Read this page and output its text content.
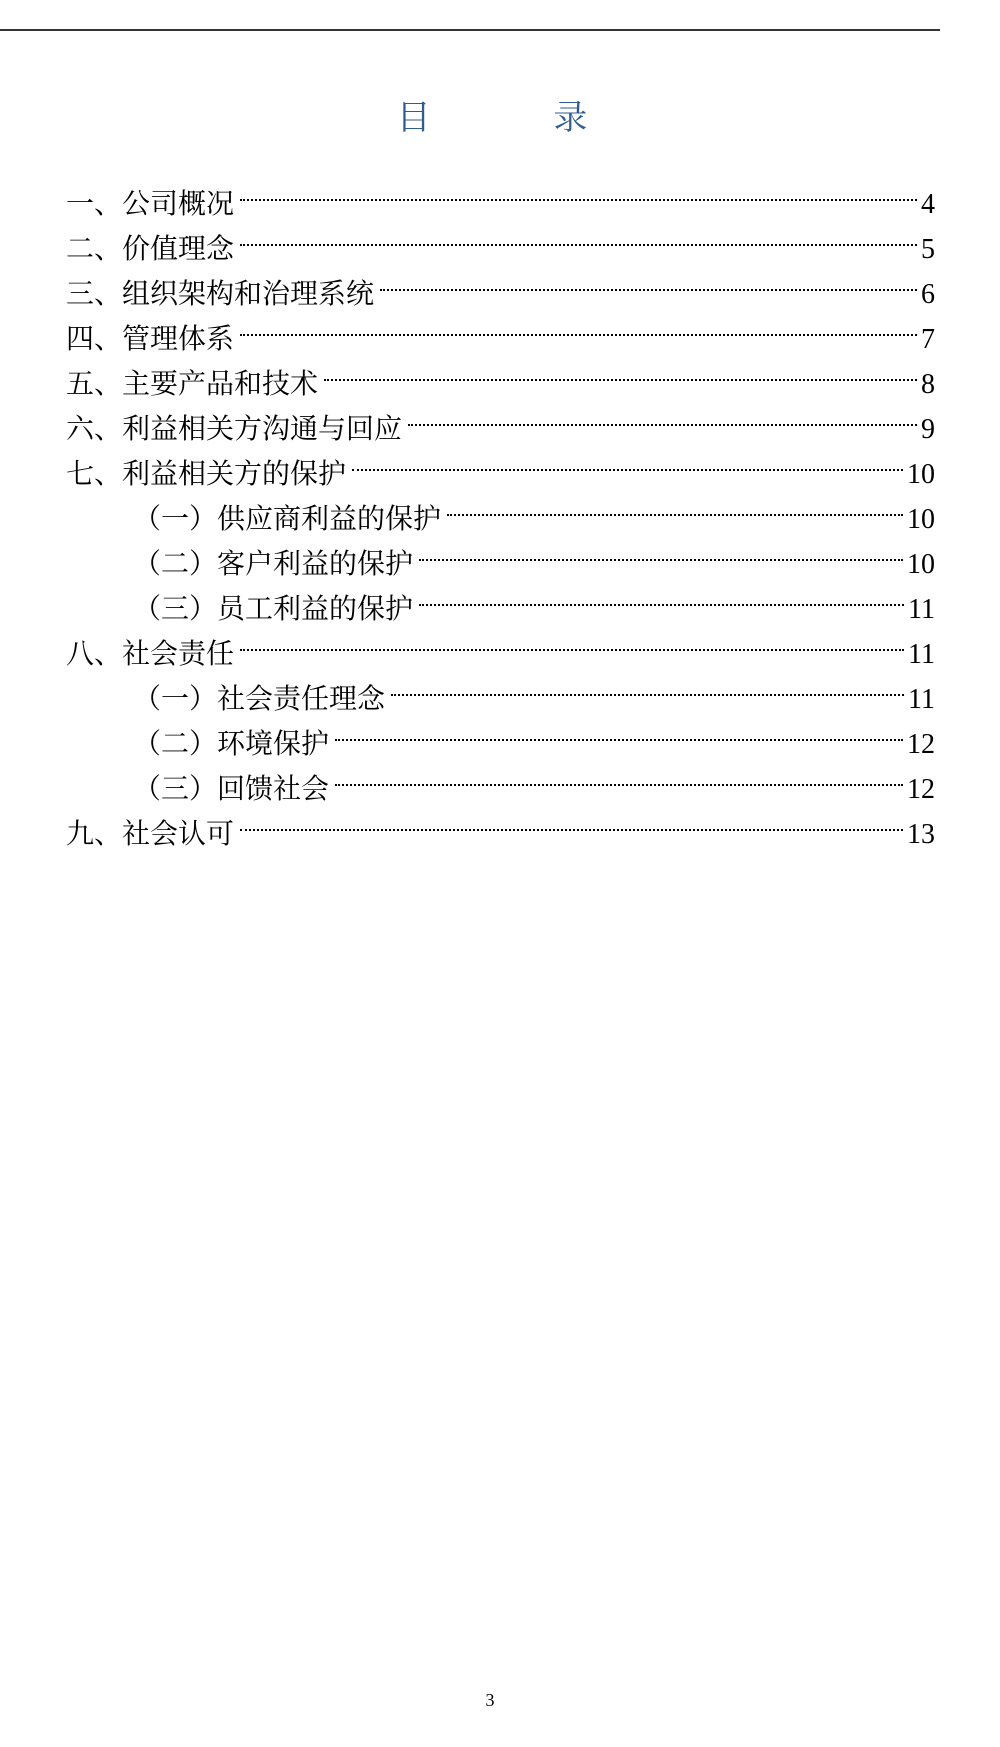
目 录
一、公司概况	4
二、价值理念	5
三、组织架构和治理系统	6
四、管理体系	7
五、主要产品和技术	8
六、利益相关方沟通与回应	9
七、利益相关方的保护	10
（一）供应商利益的保护	10
（二）客户利益的保护	10
（三）员工利益的保护	11
八、社会责任	11
（一）社会责任理念	11
（二）环境保护	12
（三）回馈社会	12
九、社会认可	13
3
